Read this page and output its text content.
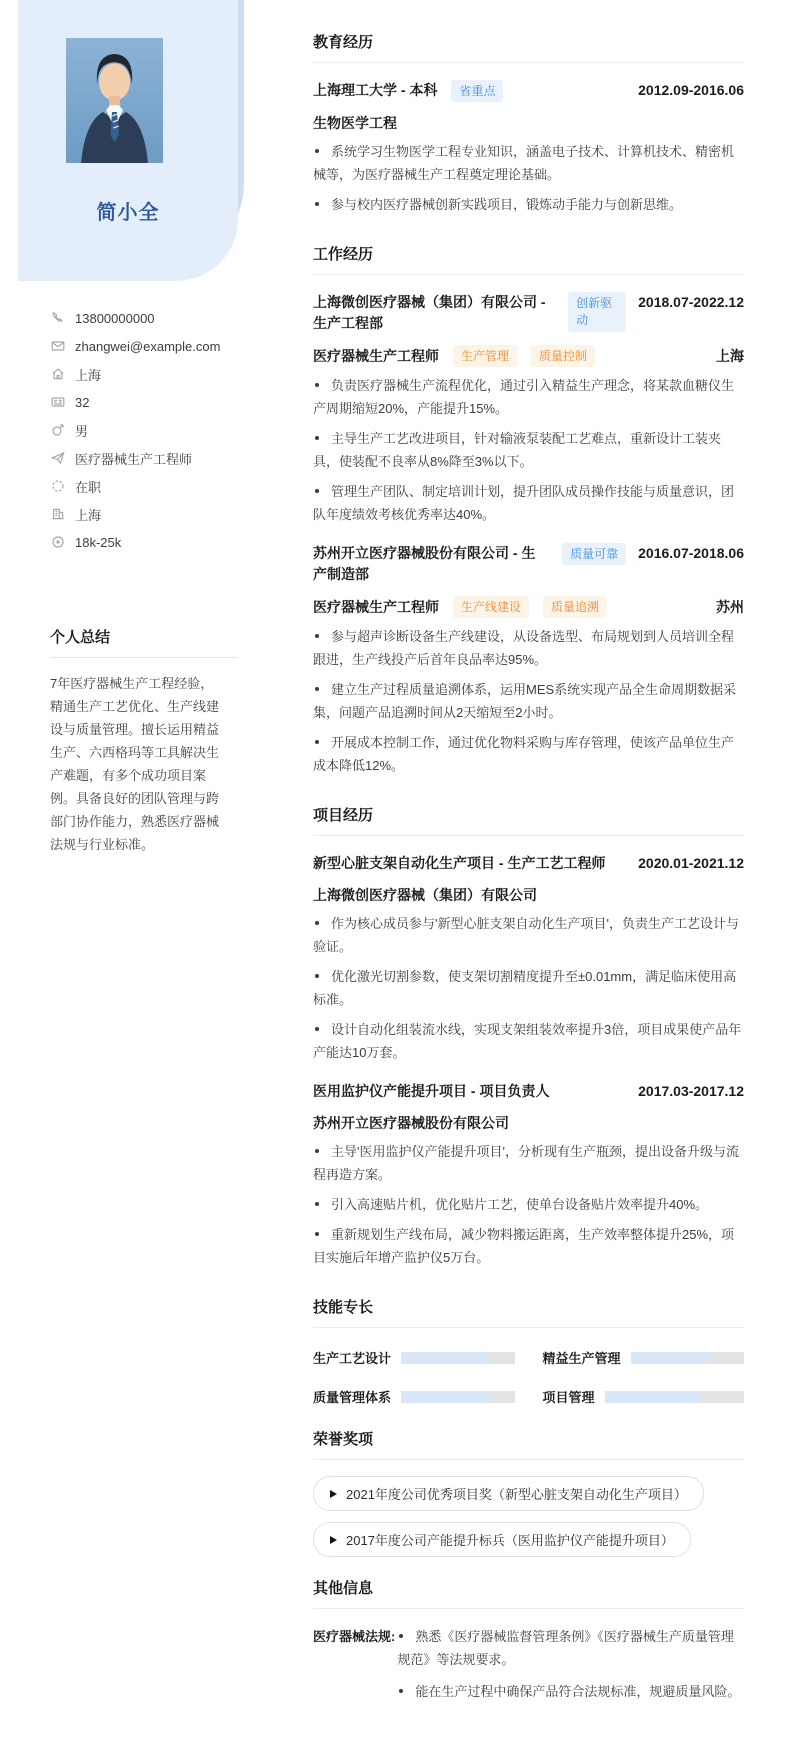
简小全
13800000000
zhangwei@example.com
上海
32
男
医疗器械生产工程师
在职
上海
18k-25k
个人总结
7年医疗器械生产工程经验，精通生产工艺优化、生产线建设与质量管理。擅长运用精益生产、六西格玛等工具解决生产难题，有多个成功项目案例。具备良好的团队管理与跨部门协作能力，熟悉医疗器械法规与行业标准。
教育经历
上海理工大学 - 本科	省重点	2012.09-2016.06
生物医学工程
系统学习生物医学工程专业知识，涵盖电子技术、计算机技术、精密机械等，为医疗器械生产工程奠定理论基础。
参与校内医疗器械创新实践项目，锻炼动手能力与创新思维。
工作经历
上海微创医疗器械（集团）有限公司 - 生产工程部
创新驱动
2018.07-2022.12
医疗器械生产工程师	生产管理	质量控制	上海
负责医疗器械生产流程优化，通过引入精益生产理念，将某款血糖仪生产周期缩短20%，产能提升15%。
主导生产工艺改进项目，针对输液泵装配工艺难点，重新设计工装夹具，使装配不良率从8%降至3%以下。
管理生产团队、制定培训计划，提升团队成员操作技能与质量意识，团队年度绩效考核优秀率达40%。
苏州开立医疗器械股份有限公司 - 生产制造部
质量可靠	2016.07-2018.06
医疗器械生产工程师	生产线建设	质量追溯	苏州
参与超声诊断设备生产线建设，从设备选型、布局规划到人员培训全程跟进，生产线投产后首年良品率达95%。
建立生产过程质量追溯体系，运用MES系统实现产品全生命周期数据采集，问题产品追溯时间从2天缩短至2小时。
开展成本控制工作，通过优化物料采购与库存管理，使该产品单位生产成本降低12%。
项目经历
新型心脏支架自动化生产项目 - 生产工艺工程师	2020.01-2021.12
上海微创医疗器械（集团）有限公司
作为核心成员参与'新型心脏支架自动化生产项目'，负责生产工艺设计与验证。
优化激光切割参数，使支架切割精度提升至±0.01mm，满足临床使用高标准。
设计自动化组装流水线，实现支架组装效率提升3倍，项目成果使产品年产能达10万套。
医用监护仪产能提升项目 - 项目负责人	2017.03-2017.12
苏州开立医疗器械股份有限公司
主导'医用监护仪产能提升项目'，分析现有生产瓶颈，提出设备升级与流程再造方案。
引入高速贴片机，优化贴片工艺，使单台设备贴片效率提升40%。
重新规划生产线布局，减少物料搬运距离，生产效率整体提升25%，项目实施后年增产监护仪5万台。
技能专长
生产工艺设计	精益生产管理
质量管理体系	项目管理
荣誉奖项
2021年度公司优秀项目奖（新型心脏支架自动化生产项目）
2017年度公司产能提升标兵（医用监护仪产能提升项目）
其他信息
医疗器械法规:	熟悉《医疗器械监督管理条例》《医疗器械生产质量管理规范》等法规要求。
能在生产过程中确保产品符合法规标准，规避质量风险。
